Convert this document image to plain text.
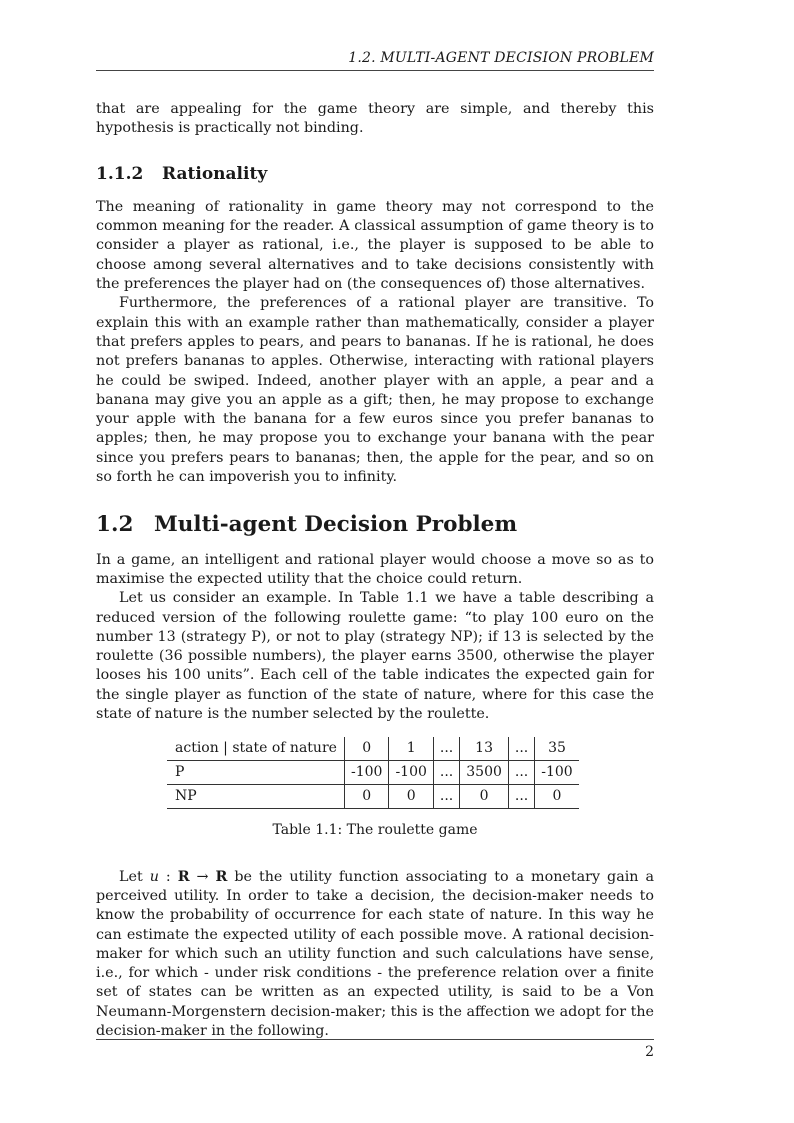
1.2. MULTI-AGENT DECISION PROBLEM

that are appealing for the game theory are simple, and thereby this hypothesis is practically not binding.

1.1.2 Rationality

The meaning of rationality in game theory may not correspond to the common meaning for the reader. A classical assumption of game theory is to consider a player as rational, i.e., the player is supposed to be able to choose among several alternatives and to take decisions consistently with the preferences the player had on (the consequences of) those alternatives.

Furthermore, the preferences of a rational player are transitive. To explain this with an example rather than mathematically, consider a player that prefers apples to pears, and pears to bananas. If he is rational, he does not prefers bananas to apples. Otherwise, interacting with rational players he could be swiped. Indeed, another player with an apple, a pear and a banana may give you an apple as a gift; then, he may propose to exchange your apple with the banana for a few euros since you prefer bananas to apples; then, he may propose you to exchange your banana with the pear since you prefers pears to bananas; then, the apple for the pear, and so on so forth he can impoverish you to infinity.

1.2 Multi-agent Decision Problem

In a game, an intelligent and rational player would choose a move so as to maximise the expected utility that the choice could return.

Let us consider an example. In Table 1.1 we have a table describing a reduced version of the following roulette game: “to play 100 euro on the number 13 (strategy P), or not to play (strategy NP); if 13 is selected by the roulette (36 possible numbers), the player earns 3500, otherwise the player looses his 100 units”. Each cell of the table indicates the expected gain for the single player as function of the state of nature, where for this case the state of nature is the number selected by the roulette.

action | state of nature	0	1	...	13	...	35
P	-100	-100	...	3500	...	-100
NP	0	0	...	0	...	0
Table 1.1: The roulette game

Let u : R → R be the utility function associating to a monetary gain a perceived utility. In order to take a decision, the decision-maker needs to know the probability of occurrence for each state of nature. In this way he can estimate the expected utility of each possible move. A rational decision-maker for which such an utility function and such calculations have sense, i.e., for which - under risk conditions - the preference relation over a finite set of states can be written as an expected utility, is said to be a Von Neumann-Morgenstern decision-maker; this is the affection we adopt for the decision-maker in the following.

2
